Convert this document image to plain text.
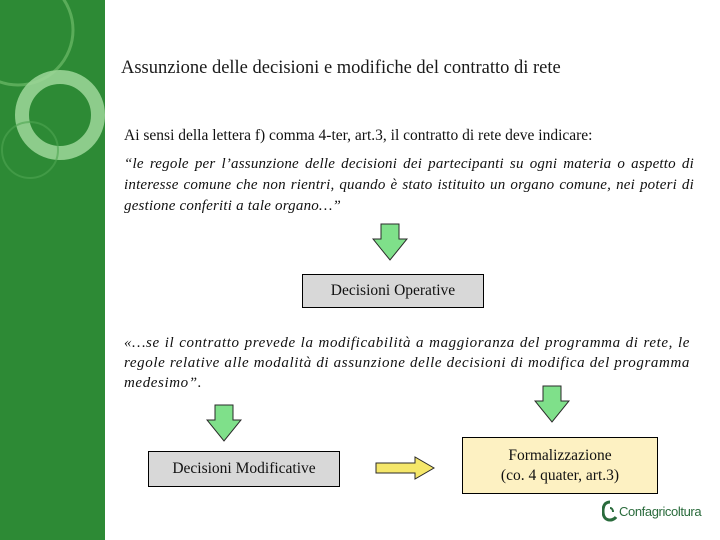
Assunzione delle decisioni e modifiche del contratto di rete
Ai sensi della lettera f) comma 4-ter, art.3, il contratto di rete deve indicare:
“le regole per l’assunzione delle decisioni dei partecipanti su ogni materia o aspetto di interesse comune che non rientri, quando è stato istituito un organo comune, nei poteri di gestione conferiti a tale organo…”
Decisioni Operative
«…se il contratto prevede la modificabilità a maggioranza del programma di rete, le regole relative alle modalità di assunzione delle decisioni di modifica del programma medesimo”.
Decisioni Modificative
Formalizzazione
(co. 4 quater, art.3)
Confagricoltura
